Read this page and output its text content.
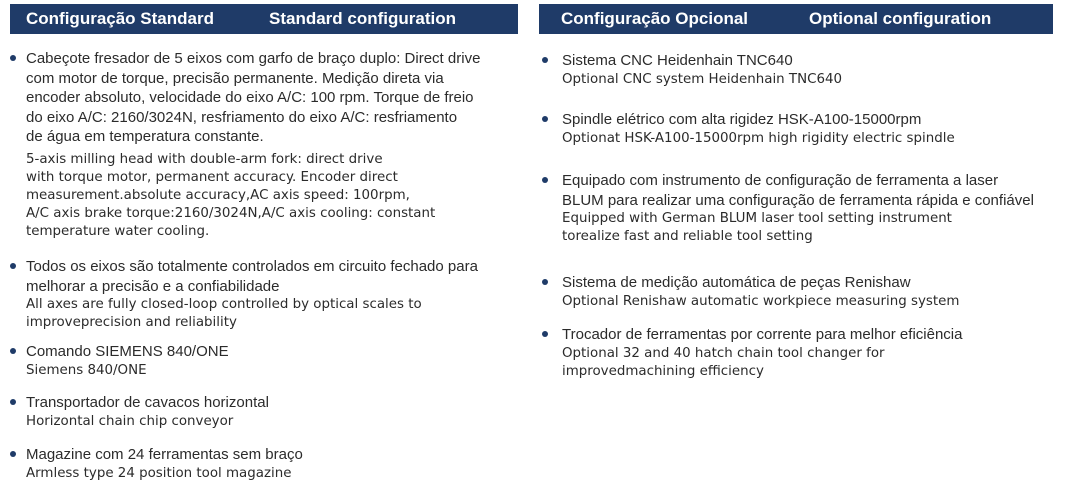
Configuração Standard	Standard configuration
Cabeçote fresador de 5 eixos com garfo de braço duplo: Direct drive
com motor de torque, precisão permanente. Medição direta via
encoder absoluto, velocidade do eixo A/C: 100 rpm. Torque de freio
do eixo A/C: 2160/3024N, resfriamento do eixo A/C: resfriamento
de água em temperatura constante.
5-axis milling head with double-arm fork: direct drive
with torque motor, permanent accuracy. Encoder direct
measurement.absolute accuracy,AC axis speed: 100rpm,
A/C axis brake torque:2160/3024N,A/C axis cooling: constant
temperature water cooling.
Todos os eixos são totalmente controlados em circuito fechado para
melhorar a precisão e a confiabilidade
All axes are fully closed-loop controlled by optical scales to
improveprecision and reliability
Comando SIEMENS 840/ONE
Siemens 840/ONE
Transportador de cavacos horizontal
Horizontal chain chip conveyor
Magazine com 24 ferramentas sem braço
Armless type 24 position tool magazine
Configuração Opcional	Optional configuration
Sistema CNC Heidenhain TNC640
Optional CNC system Heidenhain TNC640
Spindle elétrico com alta rigidez HSK-A100-15000rpm
Optionat HSK-A100-15000rpm high rigidity electric spindle
Equipado com instrumento de configuração de ferramenta a laser
BLUM para realizar uma configuração de ferramenta rápida e confiável
Equipped with German BLUM laser tool setting instrument
torealize fast and reliable tool setting
Sistema de medição automática de peças Renishaw
Optional Renishaw automatic workpiece measuring system
Trocador de ferramentas por corrente para melhor eficiência
Optional 32 and 40 hatch chain tool changer for
improvedmachining efficiency
